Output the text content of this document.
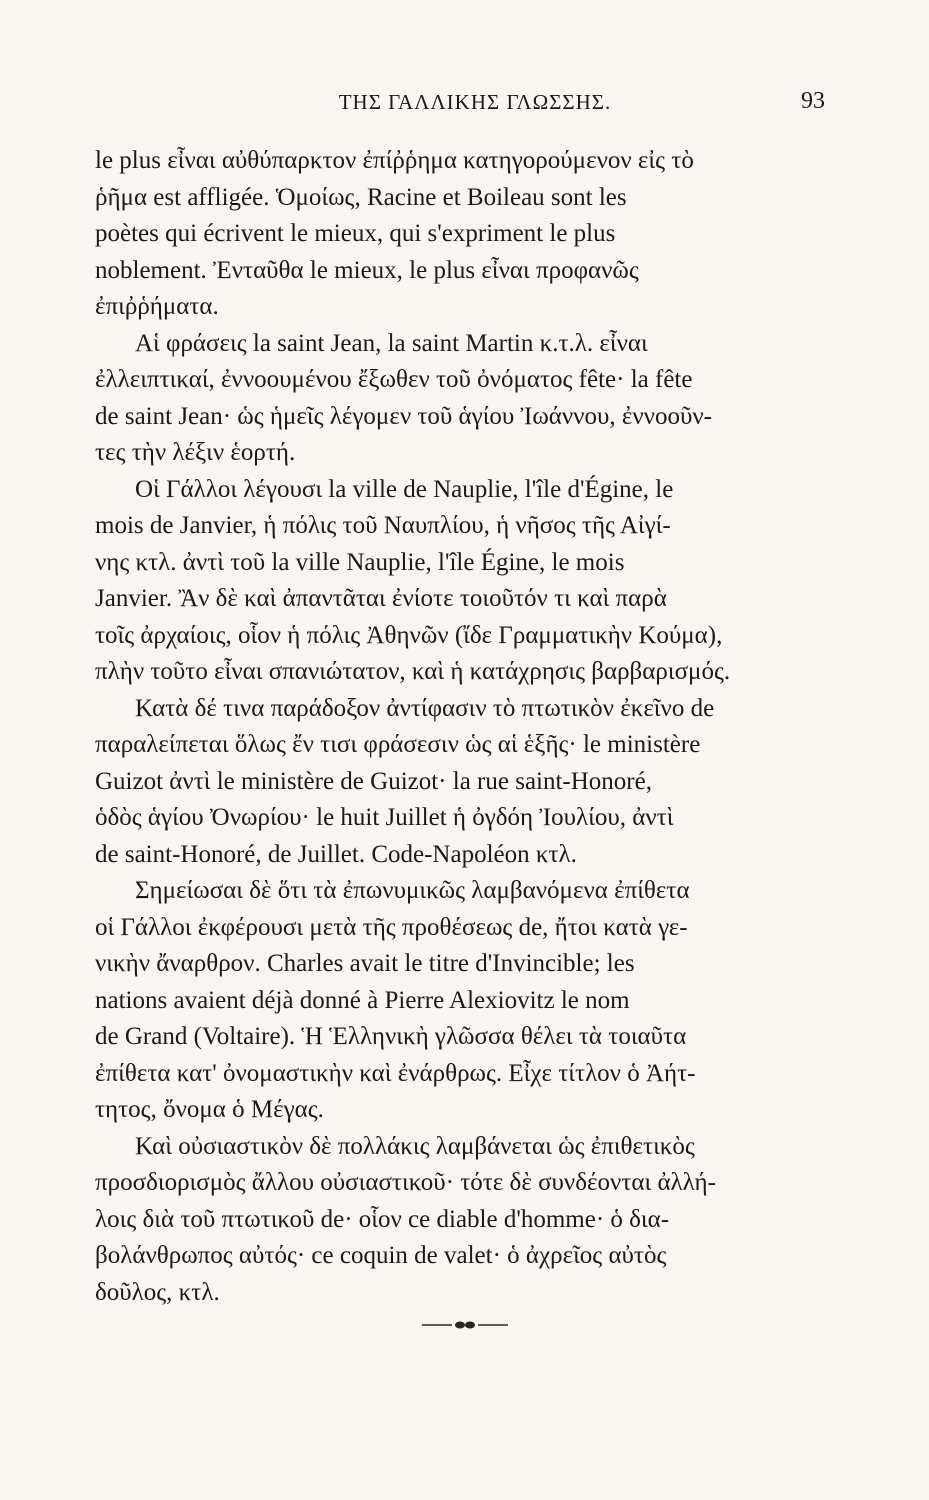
ΤΗΣ ΓΑΛΛΙΚΗΣ ΓΛΩΣΣΗΣ.	93
le plus εἶναι αὐθύπαρκτον ἐπίῤῥημα κατηγορούμενον εἰς τὸ
ῥῆμα est affligée. Ὁμοίως, Racine et Boileau sont les
poètes qui écrivent le mieux, qui s'expriment le plus
noblement. Ἐνταῦθα le mieux, le plus εἶναι προφανῶς
ἐπιῤῥήματα.
Αἱ φράσεις la saint Jean, la saint Martin κ.τ.λ. εἶναι
ἐλλειπτικαί, ἐννοουμένου ἔξωθεν τοῦ ὀνόματος fête· la fête
de saint Jean· ὡς ἡμεῖς λέγομεν τοῦ ἁγίου Ἰωάννου, ἐννοοῦν-
τες τὴν λέξιν ἑορτή.
Οἱ Γάλλοι λέγουσι la ville de Nauplie, l'île d'Égine, le
mois de Janvier, ἡ πόλις τοῦ Ναυπλίου, ἡ νῆσος τῆς Αἰγί-
νης κτλ. ἀντὶ τοῦ la ville Nauplie, l'île Égine, le mois
Janvier. Ἂν δὲ καὶ ἀπαντᾶται ἐνίοτε τοιοῦτόν τι καὶ παρὰ
τοῖς ἀρχαίοις, οἷον ἡ πόλις Ἀθηνῶν (ἴδε Γραμματικὴν Κούμα),
πλὴν τοῦτο εἶναι σπανιώτατον, καὶ ἡ κατάχρησις βαρβαρισμός.
Κατὰ δέ τινα παράδοξον ἀντίφασιν τὸ πτωτικὸν ἐκεῖνο de
παραλείπεται ὅλως ἔν τισι φράσεσιν ὡς αἱ ἑξῆς· le ministère
Guizot ἀντὶ le ministère de Guizot· la rue saint-Honoré,
ὁδὸς ἁγίου Ὀνωρίου· le huit Juillet ἡ ὀγδόη Ἰουλίου, ἀντὶ
de saint-Honoré, de Juillet. Code-Napoléon κτλ.
Σημείωσαι δὲ ὅτι τὰ ἐπωνυμικῶς λαμβανόμενα ἐπίθετα
οἱ Γάλλοι ἐκφέρουσι μετὰ τῆς προθέσεως de, ἤτοι κατὰ γε-
νικὴν ἄναρθρον. Charles avait le titre d'Invincible; les
nations avaient déjà donné à Pierre Alexiovitz le nom
de Grand (Voltaire). Ἡ Ἑλληνικὴ γλῶσσα θέλει τὰ τοιαῦτα
ἐπίθετα κατ' ὀνομαστικὴν καὶ ἐνάρθρως. Εἶχε τίτλον ὁ Ἀήτ-
τητος, ὄνομα ὁ Μέγας.
Καὶ οὐσιαστικὸν δὲ πολλάκις λαμβάνεται ὡς ἐπιθετικὸς
προσδιορισμὸς ἄλλου οὐσιαστικοῦ· τότε δὲ συνδέονται ἀλλή-
λοις διὰ τοῦ πτωτικοῦ de· οἷον ce diable d'homme· ὁ δια-
βολάνθρωπος αὐτός· ce coquin de valet· ὁ ἀχρεῖος αὐτὸς
δοῦλος, κτλ.
